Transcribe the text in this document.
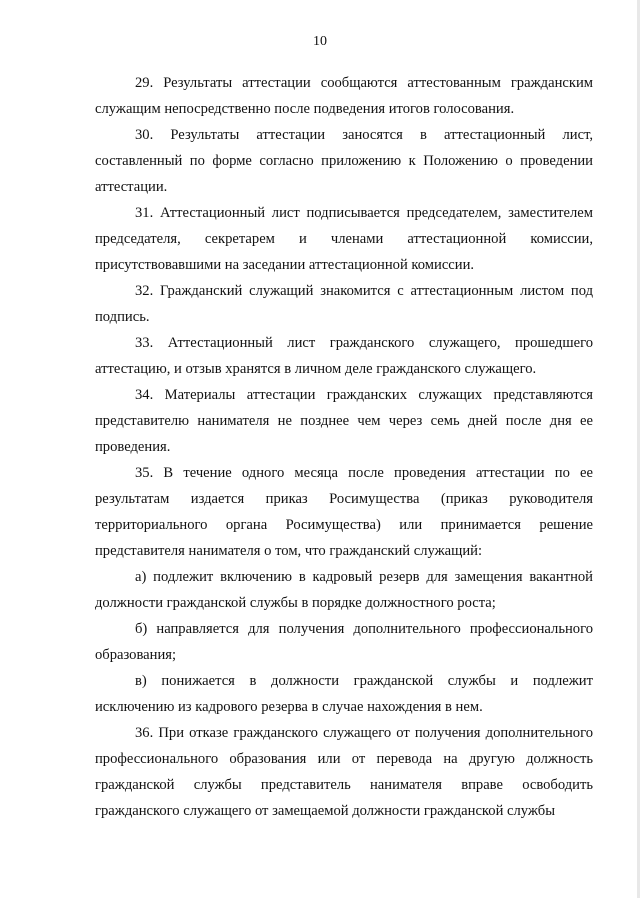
10

29. Результаты аттестации сообщаются аттестованным гражданским служащим непосредственно после подведения итогов голосования.

30. Результаты аттестации заносятся в аттестационный лист, составленный по форме согласно приложению к Положению о проведении аттестации.

31. Аттестационный лист подписывается председателем, заместителем председателя, секретарем и членами аттестационной комиссии, присутствовавшими на заседании аттестационной комиссии.

32. Гражданский служащий знакомится с аттестационным листом под подпись.

33. Аттестационный лист гражданского служащего, прошедшего аттестацию, и отзыв хранятся в личном деле гражданского служащего.

34. Материалы аттестации гражданских служащих представляются представителю нанимателя не позднее чем через семь дней после дня ее проведения.

35. В течение одного месяца после проведения аттестации по ее результатам издается приказ Росимущества (приказ руководителя территориального органа Росимущества) или принимается решение представителя нанимателя о том, что гражданский служащий:

а) подлежит включению в кадровый резерв для замещения вакантной должности гражданской службы в порядке должностного роста;

б) направляется для получения дополнительного профессионального образования;

в) понижается в должности гражданской службы и подлежит исключению из кадрового резерва в случае нахождения в нем.

36. При отказе гражданского служащего от получения дополнительного профессионального образования или от перевода на другую должность гражданской службы представитель нанимателя вправе освободить гражданского служащего от замещаемой должности гражданской службы
